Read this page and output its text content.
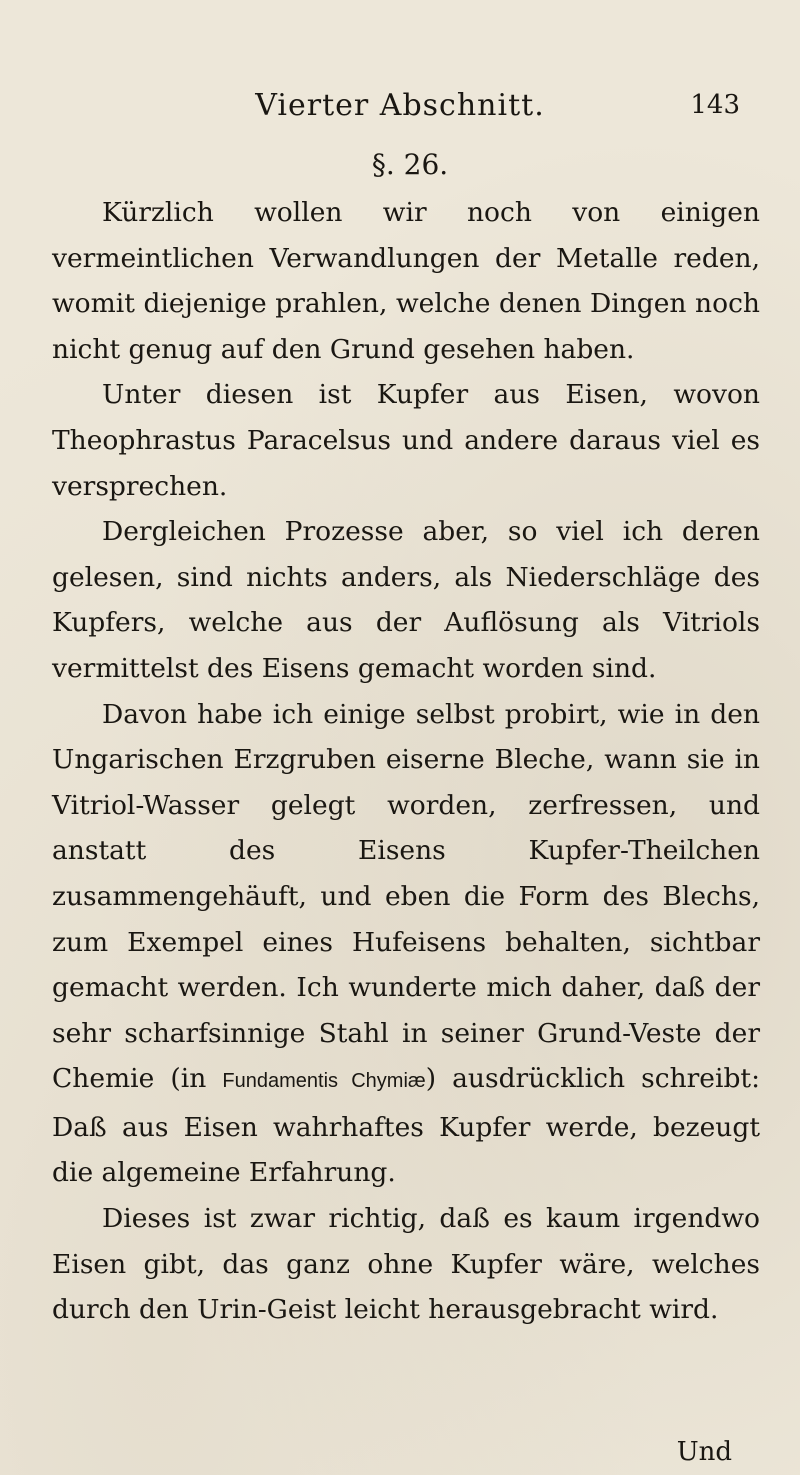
Vierter Abschnitt.	143
§. 26.

Kürzlich wollen wir noch von einigen vermeintlichen Verwandlungen der Metalle reden, womit diejenige prahlen, welche denen Dingen noch nicht genug auf den Grund gesehen haben.

Unter diesen ist Kupfer aus Eisen, wovon Theophrastus Paracelsus und andere daraus viel es versprechen.

Dergleichen Prozesse aber, so viel ich deren gelesen, sind nichts anders, als Niederschläge des Kupfers, welche aus der Auflösung als Vitriols vermittelst des Eisens gemacht worden sind.

Davon habe ich einige selbst probirt, wie in den Ungarischen Erzgruben eiserne Bleche, wann sie in Vitriol-Wasser gelegt worden, zerfressen, und anstatt des Eisens Kupfer-Theilchen zusammengehäuft, und eben die Form des Blechs, zum Exempel eines Hufeisens behalten, sichtbar gemacht werden. Ich wunderte mich daher, daß der sehr scharfsinnige Stahl in seiner Grund-Veste der Chemie (in Fundamentis Chymiæ) ausdrücklich schreibt: Daß aus Eisen wahrhaftes Kupfer werde, bezeugt die algemeine Erfahrung.

Dieses ist zwar richtig, daß es kaum irgendwo Eisen gibt, das ganz ohne Kupfer wäre, welches durch den Urin-Geist leicht herausgebracht wird.

Und
